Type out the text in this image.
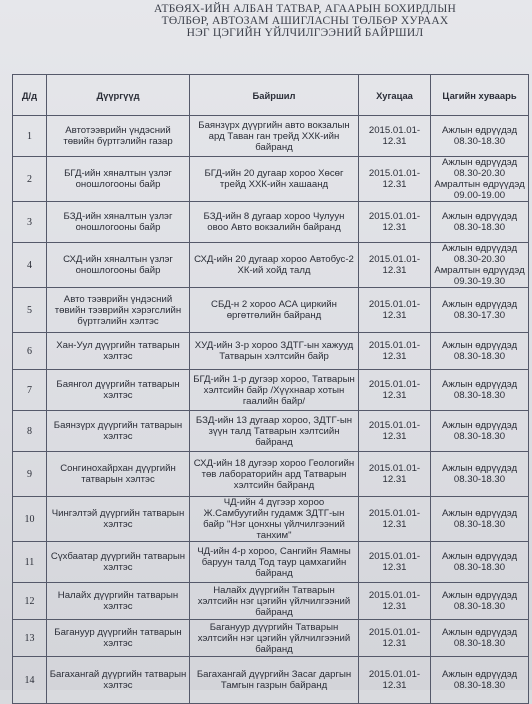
АТБӨЯХ-ИЙН АЛБАН ТАТВАР, АГААРЫН БОХИРДЛЫН
ТӨЛБӨР, АВТОЗАМ АШИГЛАСНЫ ТӨЛБӨР ХУРААХ
НЭГ ЦЭГИЙН ҮЙЛЧИЛГЭЭНИЙ БАЙРШИЛ
Д/д	Дүүргүүд	Байршил	Хугацаа	Цагийн хуваарь
1	Автотээврийн үндэсний төвийн бүртгэлийн газар	Баянзүрх дүүргийн авто вокзалын ард Таван ган трейд ХХК-ийн байранд	2015.01.01-12.31	Ажлын өдрүүдэд 08.30-18.30
2	БГД-ийн хяналтын үзлэг оношлогооны байр	БГД-ийн 20 дугаар хороо Хөсөг трейд ХХК-ийн хашаанд	2015.01.01-12.31	Ажлын өдрүүдэд 08.30-20.30 Амралтын өдрүүдэд 09.00-19.00
3	БЗД-ийн хяналтын үзлэг оношлогооны байр	БЗД-ийн 8 дугаар хороо Чулуун овоо Авто вокзалийн байранд	2015.01.01-12.31	Ажлын өдрүүдэд 08.30-18.30
4	СХД-ийн хяналтын үзлэг оношлогооны байр	СХД-ийн 20 дугаар хороо Автобус-2 ХК-ий хойд талд	2015.01.01-12.31	Ажлын өдрүүдэд 08.30-20.30 Амралтын өдрүүдэд 09.30-19.30
5	Авто тээврийн үндэсний төвийн тээврийн хэрэгслийн бүртгэлийн хэлтэс	СБД-н 2 хороо АСА циркийн өргөтгөлийн байранд	2015.01.01-12.31	Ажлын өдрүүдэд 08.30-17.30
6	Хан-Уул дүүргийн татварын хэлтэс	ХУД-ийн 3-р хороо ЗДТГ-ын хажууд Татварын хэлтсийн байр	2015.01.01-12.31	Ажлын өдрүүдэд 08.30-18.30
7	Баянгол дүүргийн татварын хэлтэс	БГД-ийн 1-р дугээр хороо, Татварын хэлтсийн байр /Хүүхнаар хотын гаалийн байр/	2015.01.01-12.31	Ажлын өдрүүдэд 08.30-18.30
8	Баянзүрх дүүргийн татварын хэлтэс	БЗД-ийн 13 дугаар хороо, ЗДТГ-ын зүүн талд Татварын хэлтсийн байранд	2015.01.01-12.31	Ажлын өдрүүдэд 08.30-18.30
9	Сонгинохайрхан дүүргийн татварын хэлтэс	СХД-ийн 18 дугээр хороо Геологийн төв лабораторийн ард Татварын хэлтсийн байранд	2015.01.01-12.31	Ажлын өдрүүдэд 08.30-18.30
10	Чингэлтэй дүүргийн татварын хэлтэс	ЧД-ийн 4 дүгээр хороо Ж.Самбуугийн гудамж ЗДТГ-ын байр "Нэг цонхны үйлчилгээний танхим"	2015.01.01-12.31	Ажлын өдрүүдэд 08.30-18.30
11	Сүхбаатар дүүргийн татварын хэлтэс	ЧД-ийн 4-р хороо, Сангийн Яамны баруун талд Тод таур цамхагийн байранд	2015.01.01-12.31	Ажлын өдрүүдэд 08.30-18.30
12	Налайх дүүргийн татварын хэлтэс	Налайх дүүргийн Татварын хэлтсийн нэг цэгийн үйлчилгээний байранд	2015.01.01-12.31	Ажлын өдрүүдэд 08.30-18.30
13	Багануур дүүргийн татварын хэлтэс	Багануур дүүргийн Татварын хэлтсийн нэг цэгийн үйлчилгээний байранд	2015.01.01-12.31	Ажлын өдрүүдэд 08.30-18.30
14	Багахангай дүүргийн татварын хэлтэс	Багахангай дүүргийн Засаг даргын Тамгын газрын байранд	2015.01.01-12.31	Ажлын өдрүүдэд 08.30-18.30
